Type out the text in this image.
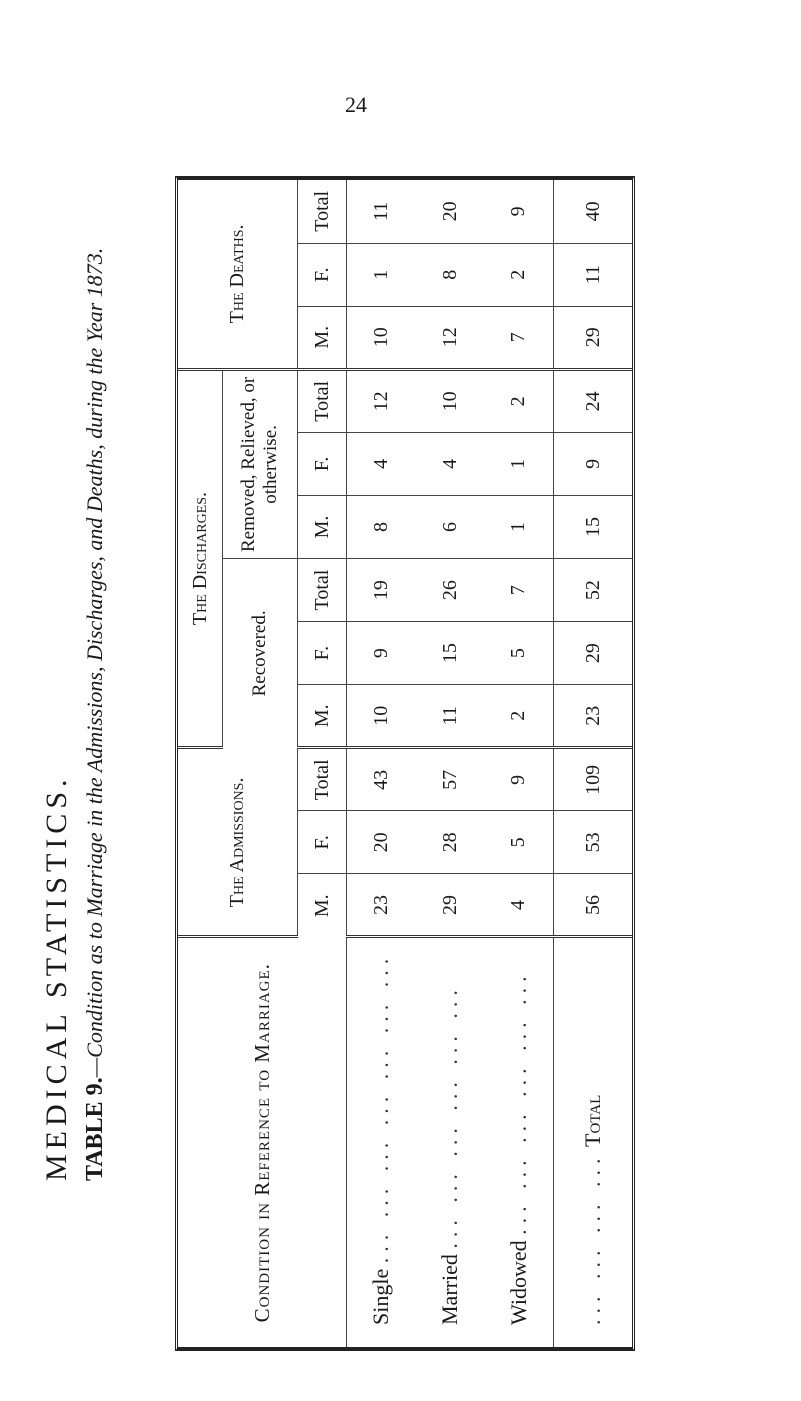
24
MEDICAL STATISTICS. TABLE 9.—Condition as to Marriage in the Admissions, Discharges, and Deaths, during the Year 1873.

Condition in Reference to Marriage.	The Admissions.			The Discharges.						The Deaths.		
				Recovered.			Removed, Relieved, or otherwise.					
	M.	F.	Total	M.	F.	Total	M.	F.	Total	M.	F.	Total
Single ... ... ... ... ... ... ...	23	20	43	10	9	19	8	4	12	10	1	11
Married ... ... ... ... ... ...	29	28	57	11	15	26	6	4	10	12	8	20
Widowed ... ... ... ... ... ...	4	5	9	2	5	7	1	1	2	7	2	9
... ... ... ... Total	56	53	109	23	29	52	15	9	24	29	11	40
